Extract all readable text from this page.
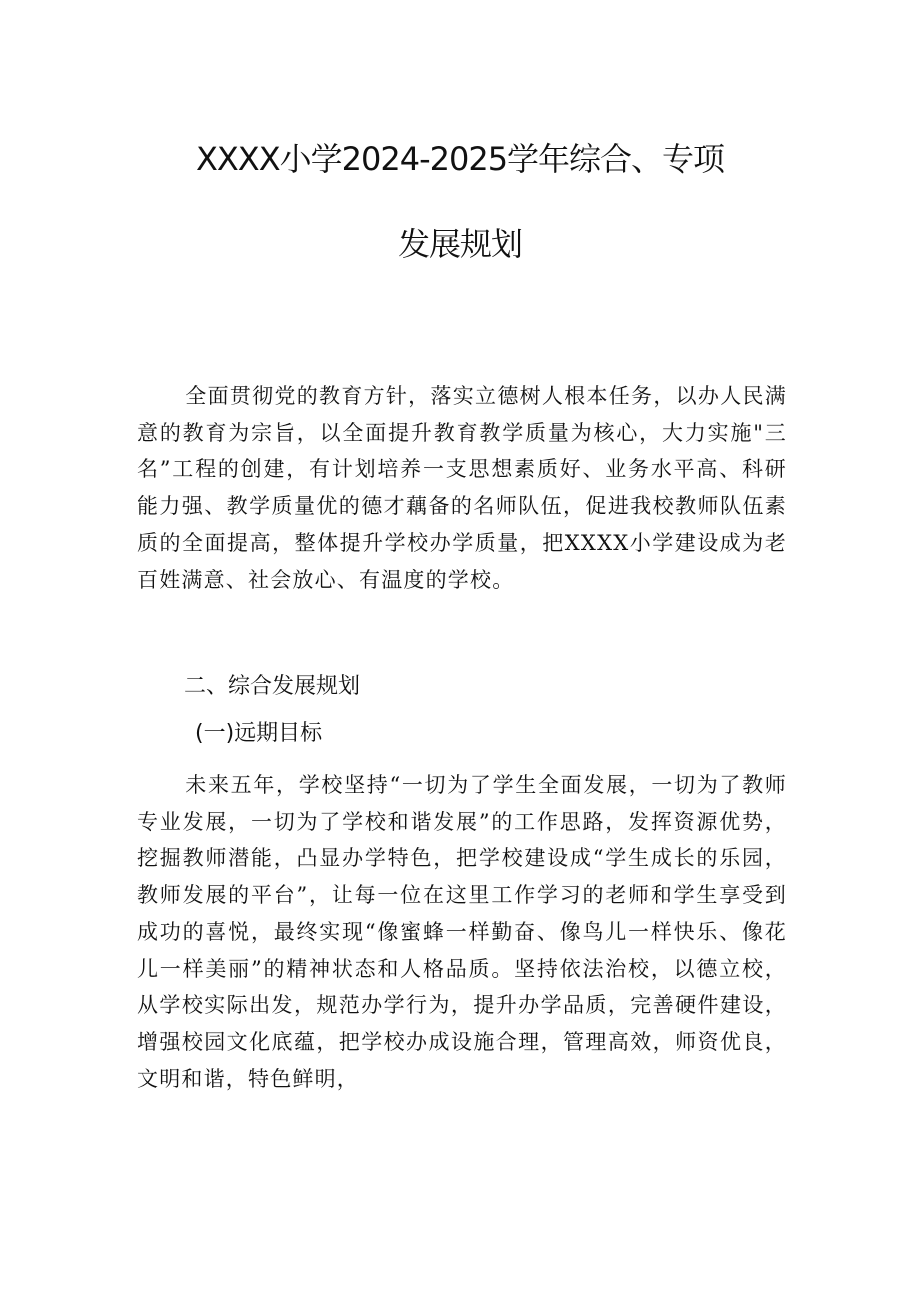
XXXX小学2024-2025学年综合、专项
发展规划

全面贯彻党的教育方针，落实立德树人根本任务，以办人民满意的教育为宗旨，以全面提升教育教学质量为核心，大力实施"三名”工程的创建，有计划培养一支思想素质好、业务水平高、科研能力强、教学质量优的德才藕备的名师队伍，促进我校教师队伍素质的全面提高，整体提升学校办学质量，把XXXX小学建设成为老百姓满意、社会放心、有温度的学校。

二、综合发展规划
(一)远期目标

未来五年，学校坚持“一切为了学生全面发展，一切为了教师专业发展，一切为了学校和谐发展”的工作思路，发挥资源优势，挖掘教师潜能，凸显办学特色，把学校建设成“学生成长的乐园，教师发展的平台”，让每一位在这里工作学习的老师和学生享受到成功的喜悦，最终实现“像蜜蜂一样勤奋、像鸟儿一样快乐、像花儿一样美丽”的精神状态和人格品质。坚持依法治校，以德立校，从学校实际出发，规范办学行为，提升办学品质，完善硬件建设，增强校园文化底蕴，把学校办成设施合理，管理高效，师资优良，文明和谐，特色鲜明，
